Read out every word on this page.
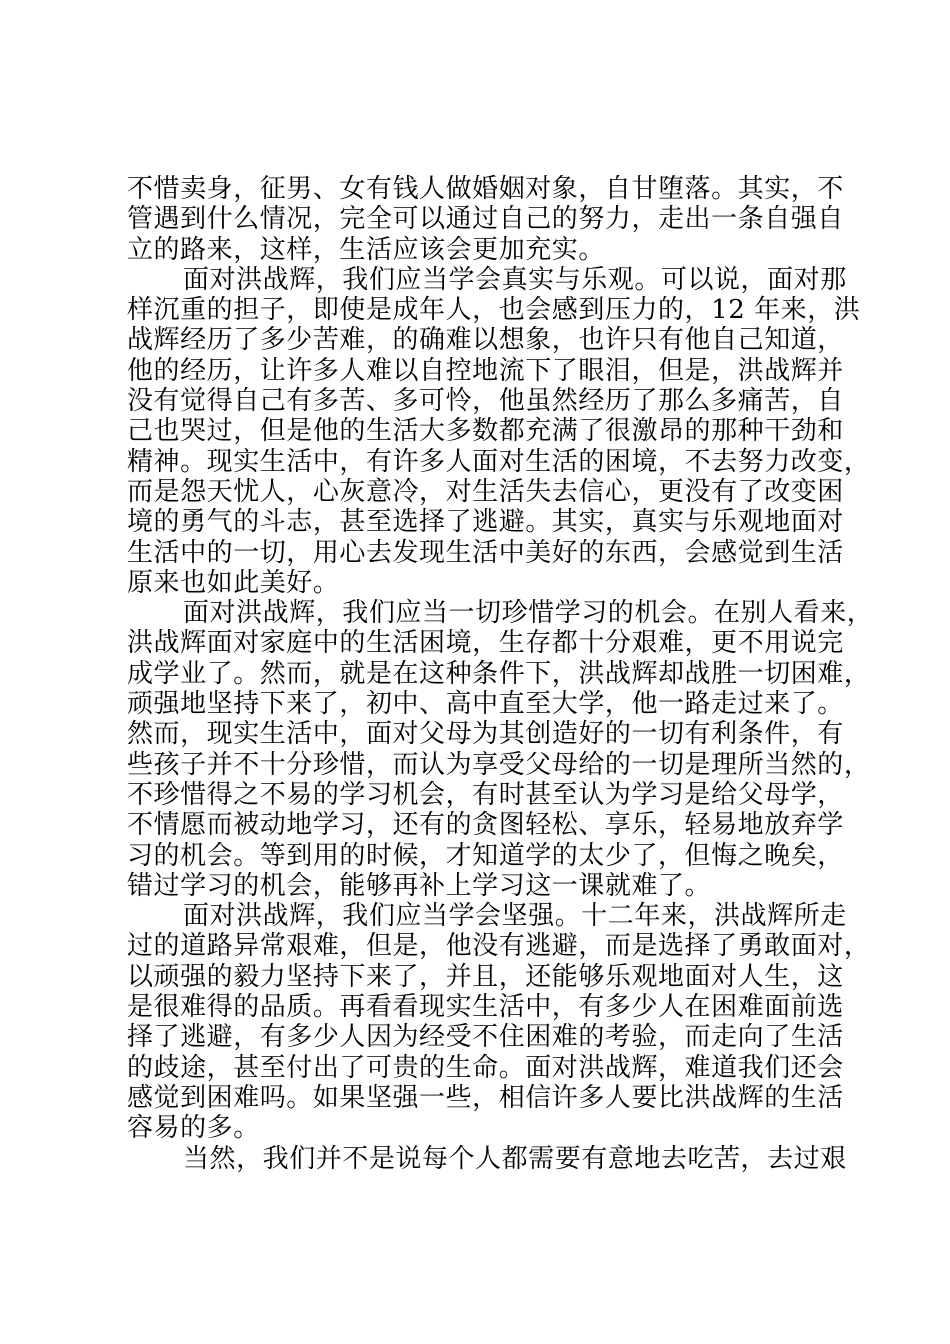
不惜卖身，征男、女有钱人做婚姻对象，自甘堕落。其实，不
管遇到什么情况，完全可以通过自己的努力，走出一条自强自
立的路来，这样，生活应该会更加充实。
面对洪战辉，我们应当学会真实与乐观。可以说，面对那
样沉重的担子，即使是成年人，也会感到压力的，12 年来，洪
战辉经历了多少苦难，的确难以想象，也许只有他自己知道，
他的经历，让许多人难以自控地流下了眼泪，但是，洪战辉并
没有觉得自己有多苦、多可怜，他虽然经历了那么多痛苦，自
己也哭过，但是他的生活大多数都充满了很激昂的那种干劲和
精神。现实生活中，有许多人面对生活的困境，不去努力改变，
而是怨天忧人，心灰意冷，对生活失去信心，更没有了改变困
境的勇气的斗志，甚至选择了逃避。其实，真实与乐观地面对
生活中的一切，用心去发现生活中美好的东西，会感觉到生活
原来也如此美好。
面对洪战辉，我们应当一切珍惜学习的机会。在别人看来，
洪战辉面对家庭中的生活困境，生存都十分艰难，更不用说完
成学业了。然而，就是在这种条件下，洪战辉却战胜一切困难，
顽强地坚持下来了，初中、高中直至大学，他一路走过来了。
然而，现实生活中，面对父母为其创造好的一切有利条件，有
些孩子并不十分珍惜，而认为享受父母给的一切是理所当然的，
不珍惜得之不易的学习机会，有时甚至认为学习是给父母学，
不情愿而被动地学习，还有的贪图轻松、享乐，轻易地放弃学
习的机会。等到用的时候，才知道学的太少了，但悔之晚矣，
错过学习的机会，能够再补上学习这一课就难了。
面对洪战辉，我们应当学会坚强。十二年来，洪战辉所走
过的道路异常艰难，但是，他没有逃避，而是选择了勇敢面对，
以顽强的毅力坚持下来了，并且，还能够乐观地面对人生，这
是很难得的品质。再看看现实生活中，有多少人在困难面前选
择了逃避，有多少人因为经受不住困难的考验，而走向了生活
的歧途，甚至付出了可贵的生命。面对洪战辉，难道我们还会
感觉到困难吗。如果坚强一些，相信许多人要比洪战辉的生活
容易的多。
当然，我们并不是说每个人都需要有意地去吃苦，去过艰
